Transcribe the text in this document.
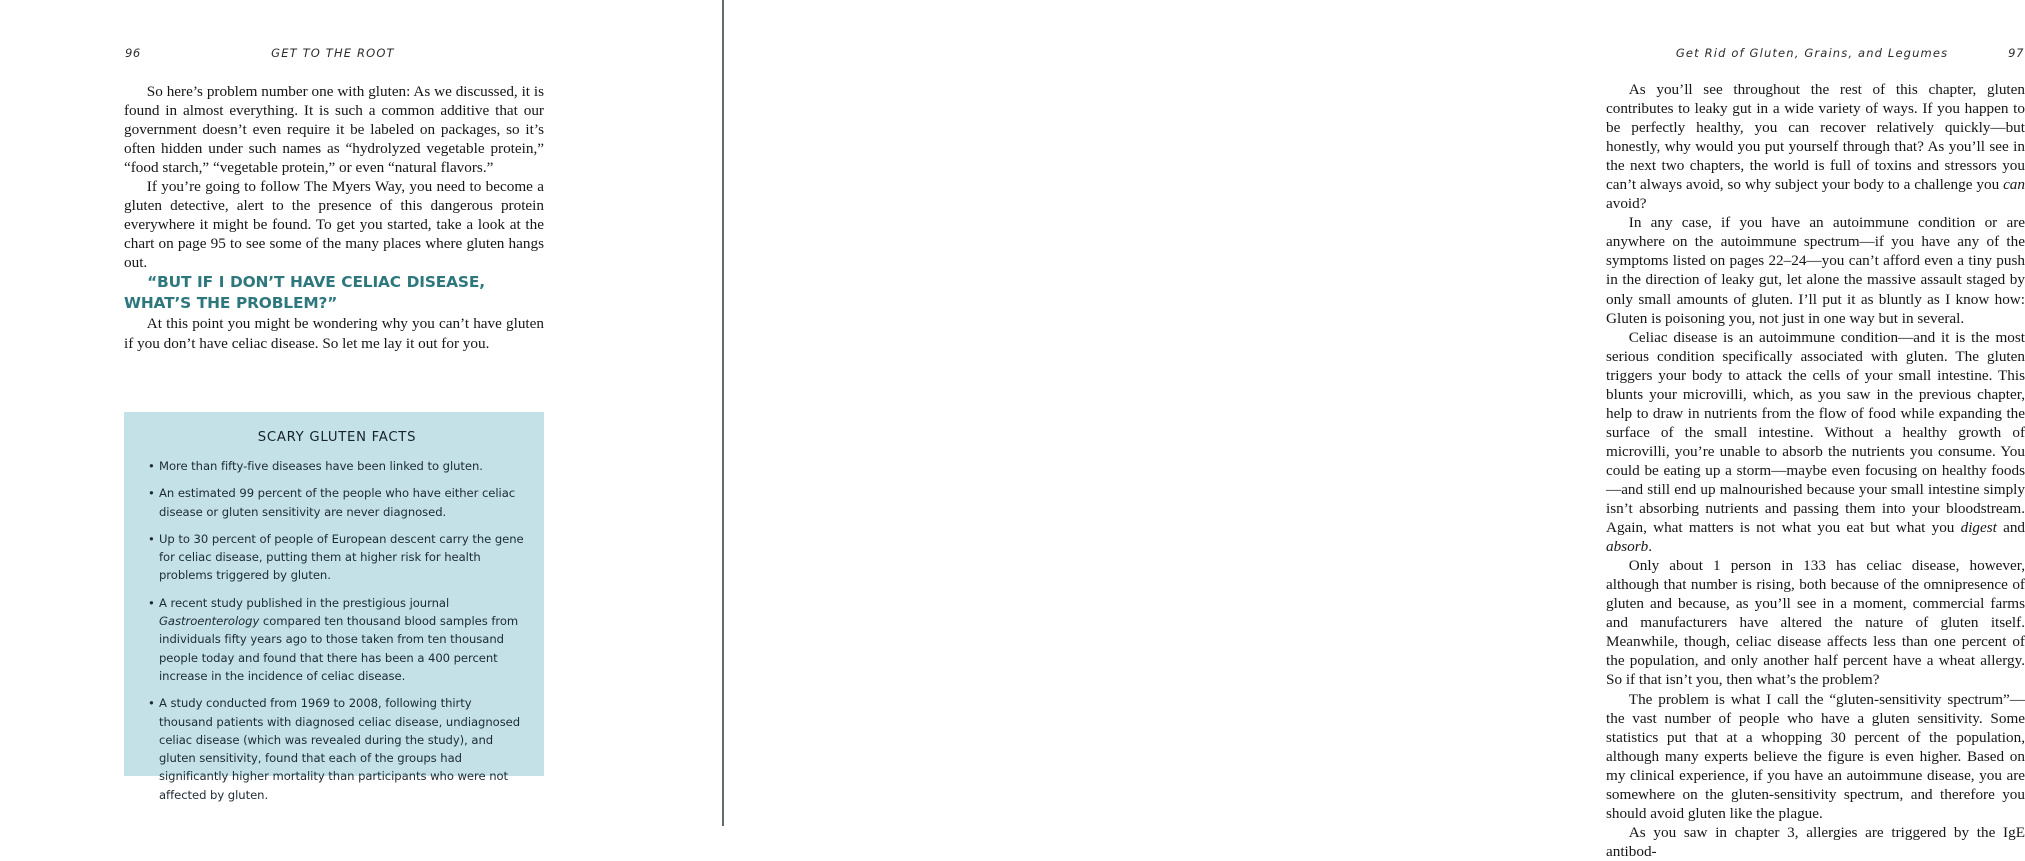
96	GET TO THE ROOT

So here’s problem number one with gluten: As we discussed, it is found in almost everything. It is such a common additive that our government doesn’t even require it be labeled on packages, so it’s often hidden under such names as “hydrolyzed vegetable protein,” “food starch,” “vegetable protein,” or even “natural flavors.”

If you’re going to follow The Myers Way, you need to become a gluten detective, alert to the presence of this dangerous protein everywhere it might be found. To get you started, take a look at the chart on page 95 to see some of the many places where gluten hangs out.

“BUT IF I DON’T HAVE CELIAC DISEASE, WHAT’S THE PROBLEM?”

At this point you might be wondering why you can’t have gluten if you don’t have celiac disease. So let me lay it out for you.

SCARY GLUTEN FACTS
• More than fifty-five diseases have been linked to gluten.
• An estimated 99 percent of the people who have either celiac disease or gluten sensitivity are never diagnosed.
• Up to 30 percent of people of European descent carry the gene for celiac disease, putting them at higher risk for health problems triggered by gluten.
• A recent study published in the prestigious journal Gastroenterology compared ten thousand blood samples from individuals fifty years ago to those taken from ten thousand people today and found that there has been a 400 percent increase in the incidence of celiac disease.
• A study conducted from 1969 to 2008, following thirty thousand patients with diagnosed celiac disease, undiagnosed celiac disease (which was revealed during the study), and gluten sensitivity, found that each of the groups had significantly higher mortality than participants who were not affected by gluten.
Get Rid of Gluten, Grains, and Legumes	97

As you’ll see throughout the rest of this chapter, gluten contributes to leaky gut in a wide variety of ways. If you happen to be perfectly healthy, you can recover relatively quickly—but honestly, why would you put yourself through that? As you’ll see in the next two chapters, the world is full of toxins and stressors you can’t always avoid, so why subject your body to a challenge you can avoid?

In any case, if you have an autoimmune condition or are anywhere on the autoimmune spectrum—if you have any of the symptoms listed on pages 22–24—you can’t afford even a tiny push in the direction of leaky gut, let alone the massive assault staged by only small amounts of gluten. I’ll put it as bluntly as I know how: Gluten is poisoning you, not just in one way but in several.

Celiac disease is an autoimmune condition—and it is the most serious condition specifically associated with gluten. The gluten triggers your body to attack the cells of your small intestine. This blunts your microvilli, which, as you saw in the previous chapter, help to draw in nutrients from the flow of food while expanding the surface of the small intestine. Without a healthy growth of microvilli, you’re unable to absorb the nutrients you consume. You could be eating up a storm—maybe even focusing on healthy foods—and still end up malnourished because your small intestine simply isn’t absorbing nutrients and passing them into your bloodstream. Again, what matters is not what you eat but what you digest and absorb.

Only about 1 person in 133 has celiac disease, however, although that number is rising, both because of the omnipresence of gluten and because, as you’ll see in a moment, commercial farms and manufacturers have altered the nature of gluten itself. Meanwhile, though, celiac disease affects less than one percent of the population, and only another half percent have a wheat allergy. So if that isn’t you, then what’s the problem?

The problem is what I call the “gluten-sensitivity spectrum”—the vast number of people who have a gluten sensitivity. Some statistics put that at a whopping 30 percent of the population, although many experts believe the figure is even higher. Based on my clinical experience, if you have an autoimmune disease, you are somewhere on the gluten-sensitivity spectrum, and therefore you should avoid gluten like the plague.

As you saw in chapter 3, allergies are triggered by the IgE antibod-
